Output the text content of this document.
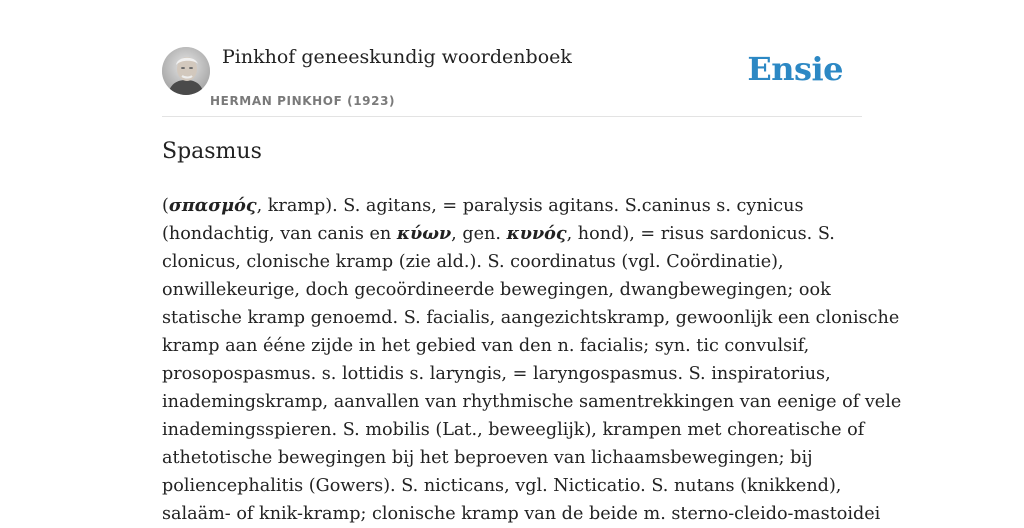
Pinkhof geneeskundig woordenboek
HERMAN PINKHOF (1923)
Ensie
Spasmus
(σπασμός, kramp). S. agitans, = paralysis agitans. S.caninus s. cynicus
(hondachtig, van canis en κύων, gen. κυνός, hond), = risus sardonicus. S.
clonicus, clonische kramp (zie ald.). S. coordinatus (vgl. Coördinatie),
onwillekeurige, doch gecoördineerde bewegingen, dwangbewegingen; ook
statische kramp genoemd. S. facialis, aangezichtskramp, gewoonlijk een clonische
kramp aan ééne zijde in het gebied van den n. facialis; syn. tic convulsif,
prosopospasmus. s. lottidis s. laryngis, = laryngospasmus. S. inspiratorius,
inademingskramp, aanvallen van rhythmische samentrekkingen van eenige of vele
inademingsspieren. S. mobilis (Lat., beweeglijk), krampen met choreatische of
athetotische bewegingen bij het beproeven van lichaamsbewegingen; bij
poliencephalitis (Gowers). S. nicticans, vgl. Nicticatio. S. nutans (knikkend),
salaäm- of knik-kramp; clonische kramp van de beide m. sterno-cleido-mastoidei
